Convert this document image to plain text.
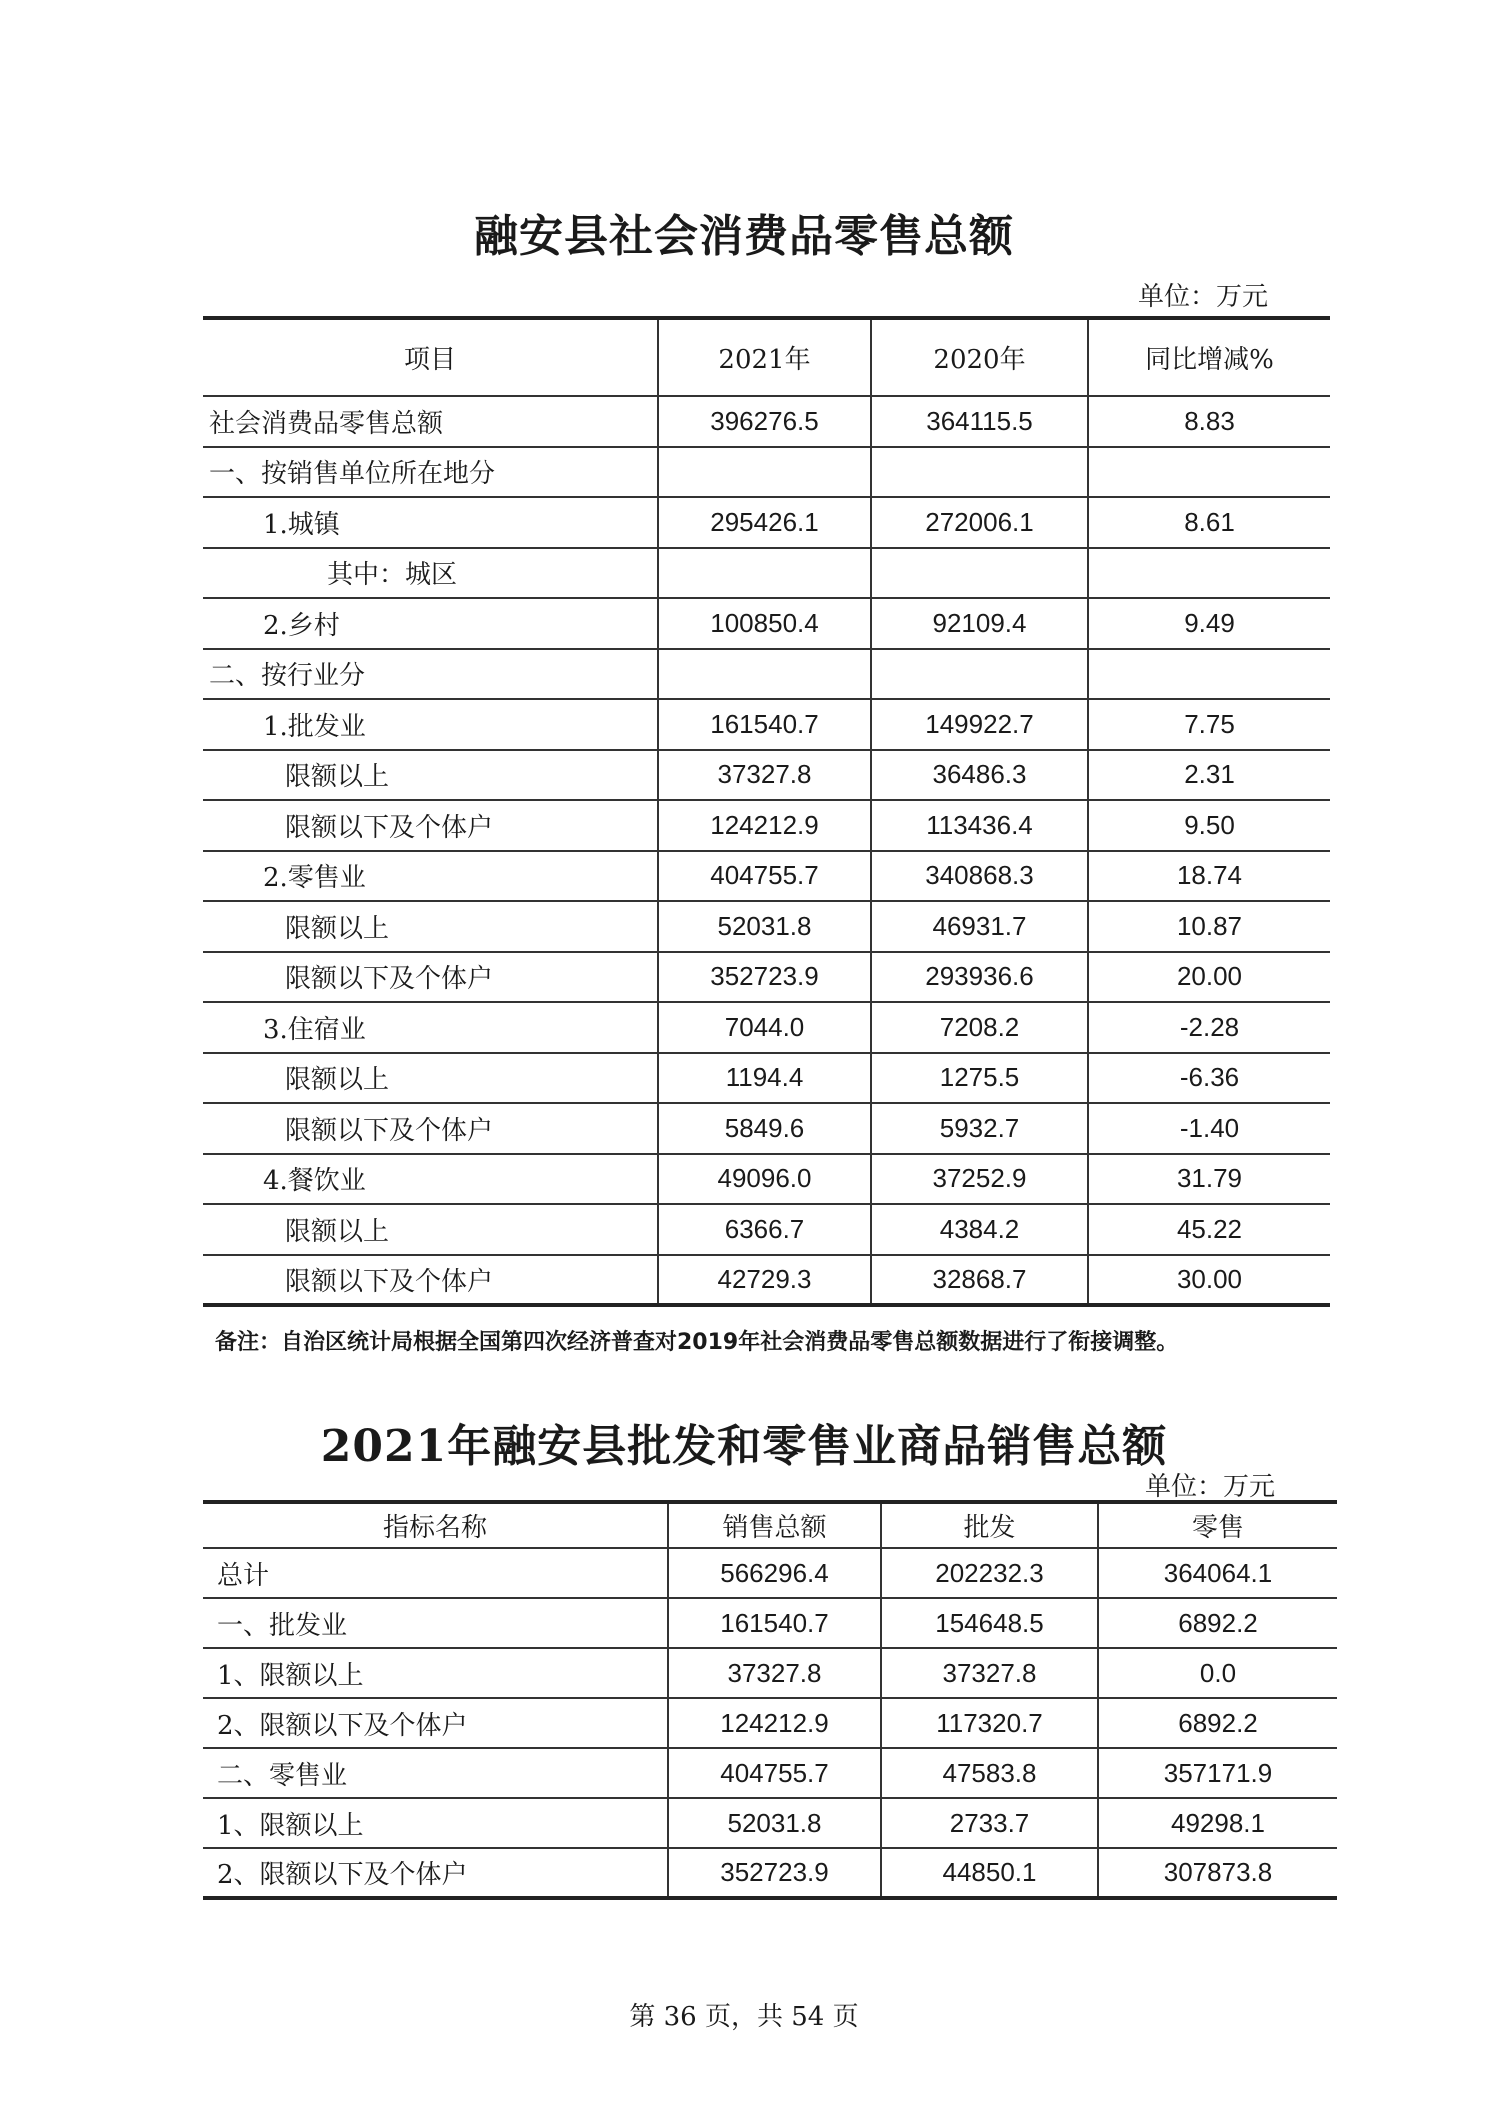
融安县社会消费品零售总额
单位：万元
项目	2021年	2020年	同比增减%
社会消费品零售总额	396276.5	364115.5	8.83
一、按销售单位所在地分			
1.城镇	295426.1	272006.1	8.61
其中：城区			
2.乡村	100850.4	92109.4	9.49
二、按行业分			
1.批发业	161540.7	149922.7	7.75
限额以上	37327.8	36486.3	2.31
限额以下及个体户	124212.9	113436.4	9.50
2.零售业	404755.7	340868.3	18.74
限额以上	52031.8	46931.7	10.87
限额以下及个体户	352723.9	293936.6	20.00
3.住宿业	7044.0	7208.2	-2.28
限额以上	1194.4	1275.5	-6.36
限额以下及个体户	5849.6	5932.7	-1.40
4.餐饮业	49096.0	37252.9	31.79
限额以上	6366.7	4384.2	45.22
限额以下及个体户	42729.3	32868.7	30.00
备注：自治区统计局根据全国第四次经济普查对2019年社会消费品零售总额数据进行了衔接调整。
2021年融安县批发和零售业商品销售总额
单位：万元
指标名称	销售总额	批发	零售
总计	566296.4	202232.3	364064.1
一、批发业	161540.7	154648.5	6892.2
1、限额以上	37327.8	37327.8	0.0
2、限额以下及个体户	124212.9	117320.7	6892.2
二、零售业	404755.7	47583.8	357171.9
1、限额以上	52031.8	2733.7	49298.1
2、限额以下及个体户	352723.9	44850.1	307873.8
第 36 页，共 54 页
